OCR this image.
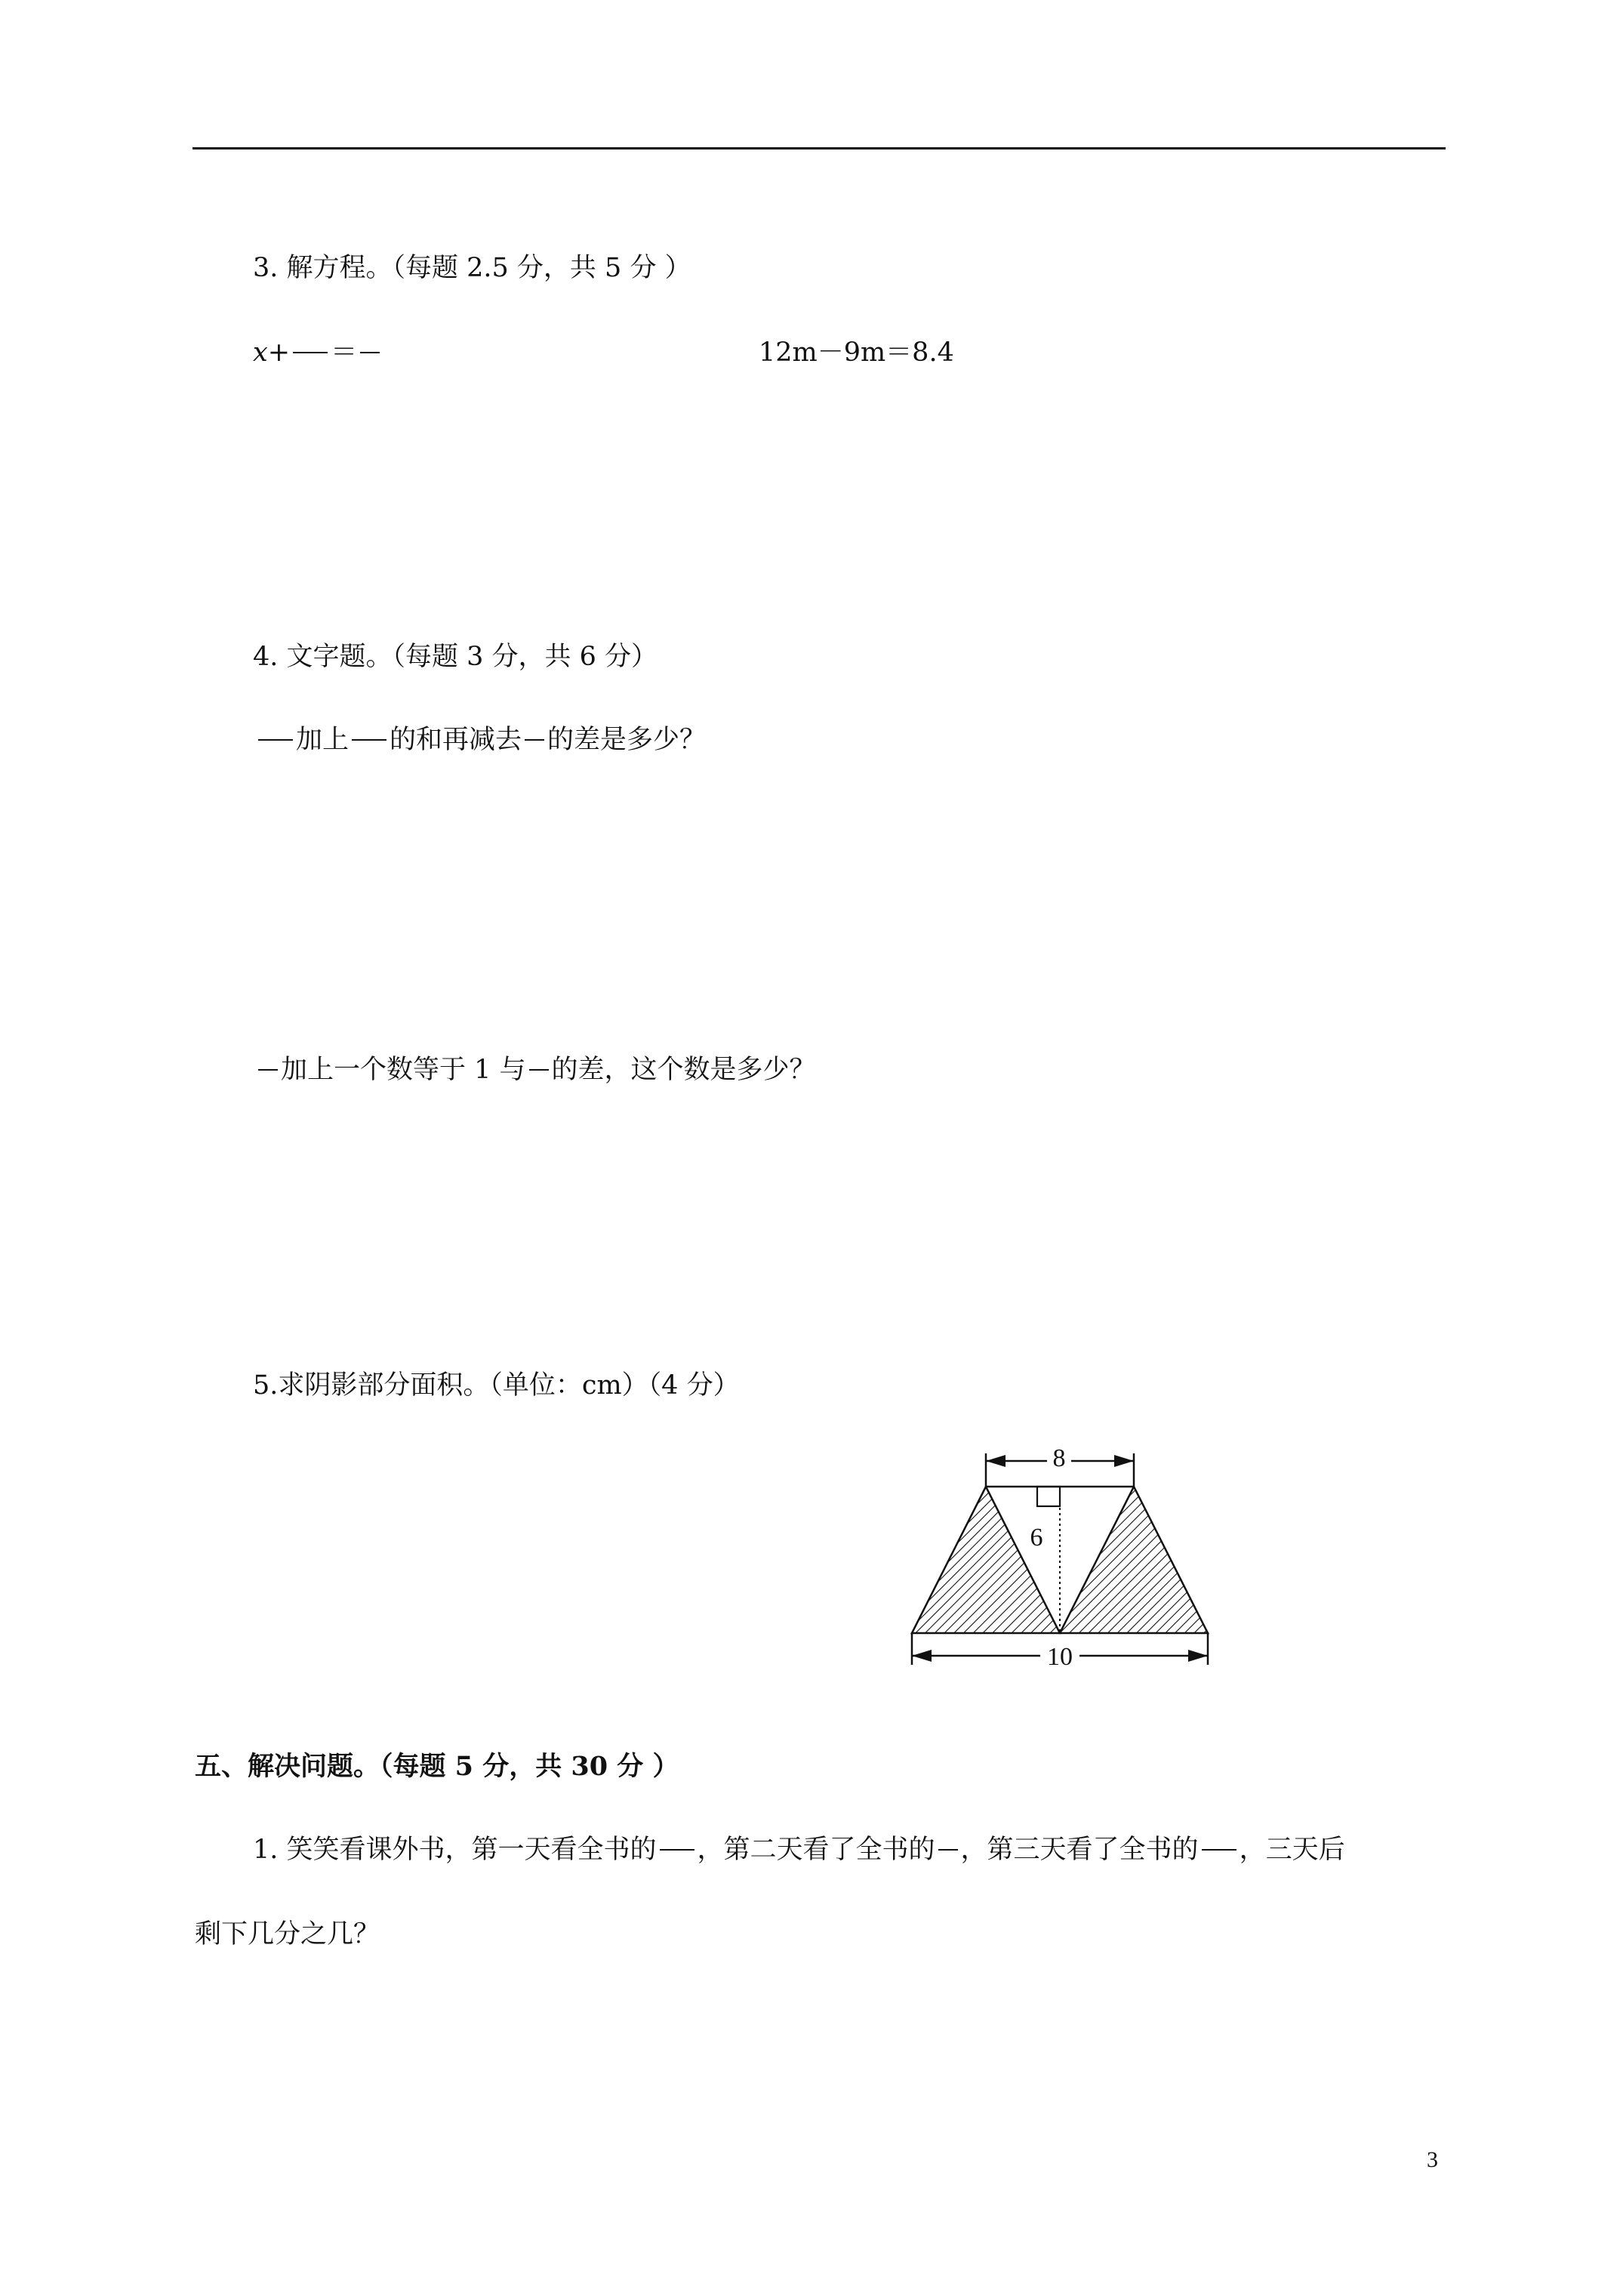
3. 解方程。（每题 2.5 分，共 5 分 ）
x+ ＝	12m－9m＝8.4
4. 文字题。（每题 3 分，共 6 分）
加上 的和再减去 的差是多少？
加上一个数等于 1 与 的差，这个数是多少？
5.求阴影部分面积。（单位：cm）（4 分）
8
6
10
五、解决问题。（每题 5 分，共 30 分 ）
1. 笑笑看课外书，第一天看全书的 ，第二天看了全书的 ，第三天看了全书的 ，三天后
剩下几分之几？
3
